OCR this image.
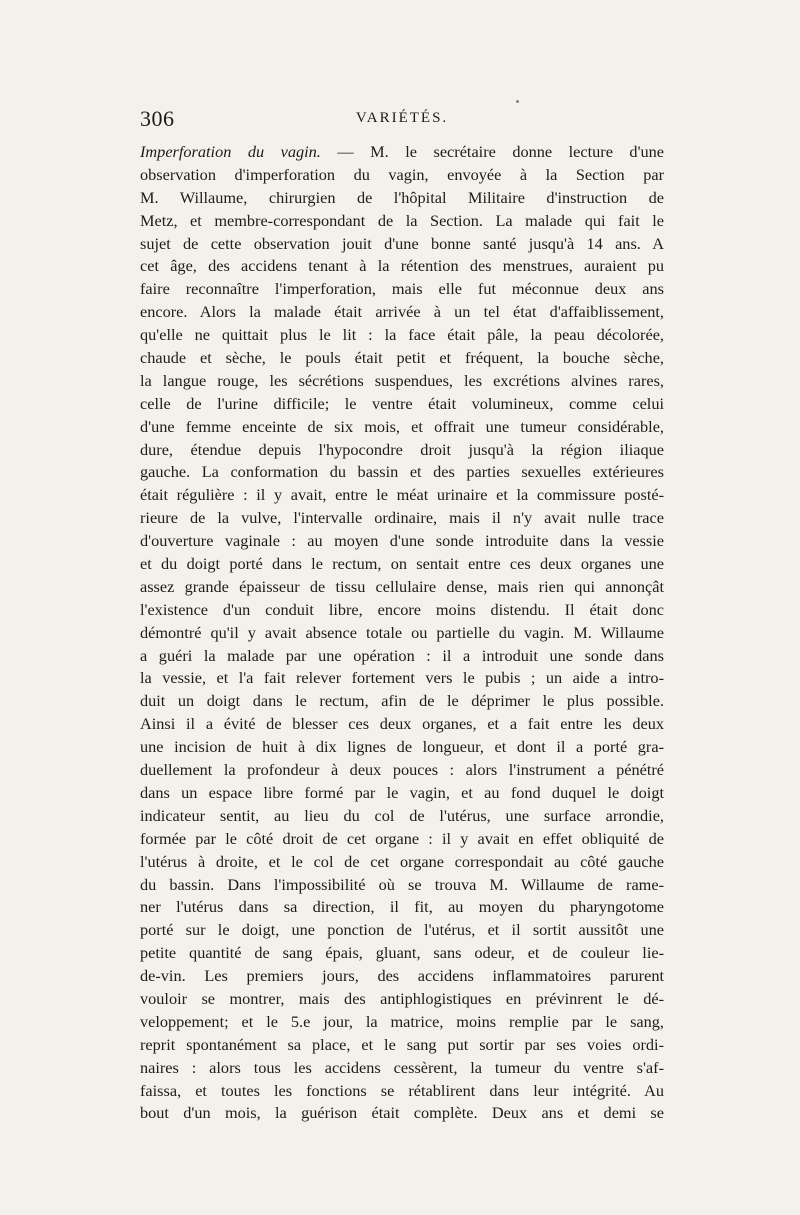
306	VARIÉTÉS.
Imperforation du vagin. — M. le secrétaire donne lecture d'une
observation d'imperforation du vagin, envoyée à la Section par
M. Willaume, chirurgien de l'hôpital Militaire d'instruction de
Metz, et membre-correspondant de la Section. La malade qui fait le
sujet de cette observation jouit d'une bonne santé jusqu'à 14 ans. A
cet âge, des accidens tenant à la rétention des menstrues, auraient pu
faire reconnaître l'imperforation, mais elle fut méconnue deux ans
encore. Alors la malade était arrivée à un tel état d'affaiblissement,
qu'elle ne quittait plus le lit : la face était pâle, la peau décolorée,
chaude et sèche, le pouls était petit et fréquent, la bouche sèche,
la langue rouge, les sécrétions suspendues, les excrétions alvines rares,
celle de l'urine difficile; le ventre était volumineux, comme celui
d'une femme enceinte de six mois, et offrait une tumeur considérable,
dure, étendue depuis l'hypocondre droit jusqu'à la région iliaque
gauche. La conformation du bassin et des parties sexuelles extérieures
était régulière : il y avait, entre le méat urinaire et la commissure posté-
rieure de la vulve, l'intervalle ordinaire, mais il n'y avait nulle trace
d'ouverture vaginale : au moyen d'une sonde introduite dans la vessie
et du doigt porté dans le rectum, on sentait entre ces deux organes une
assez grande épaisseur de tissu cellulaire dense, mais rien qui annonçât
l'existence d'un conduit libre, encore moins distendu. Il était donc
démontré qu'il y avait absence totale ou partielle du vagin. M. Willaume
a guéri la malade par une opération : il a introduit une sonde dans
la vessie, et l'a fait relever fortement vers le pubis ; un aide a intro-
duit un doigt dans le rectum, afin de le déprimer le plus possible.
Ainsi il a évité de blesser ces deux organes, et a fait entre les deux
une incision de huit à dix lignes de longueur, et dont il a porté gra-
duellement la profondeur à deux pouces : alors l'instrument a pénétré
dans un espace libre formé par le vagin, et au fond duquel le doigt
indicateur sentit, au lieu du col de l'utérus, une surface arrondie,
formée par le côté droit de cet organe : il y avait en effet obliquité de
l'utérus à droite, et le col de cet organe correspondait au côté gauche
du bassin. Dans l'impossibilité où se trouva M. Willaume de rame-
ner l'utérus dans sa direction, il fit, au moyen du pharyngotome
porté sur le doigt, une ponction de l'utérus, et il sortit aussitôt une
petite quantité de sang épais, gluant, sans odeur, et de couleur lie-
de-vin. Les premiers jours, des accidens inflammatoires parurent
vouloir se montrer, mais des antiphlogistiques en prévinrent le dé-
veloppement; et le 5.e jour, la matrice, moins remplie par le sang,
reprit spontanément sa place, et le sang put sortir par ses voies ordi-
naires : alors tous les accidens cessèrent, la tumeur du ventre s'af-
faissa, et toutes les fonctions se rétablirent dans leur intégrité. Au
bout d'un mois, la guérison était complète. Deux ans et demi se
